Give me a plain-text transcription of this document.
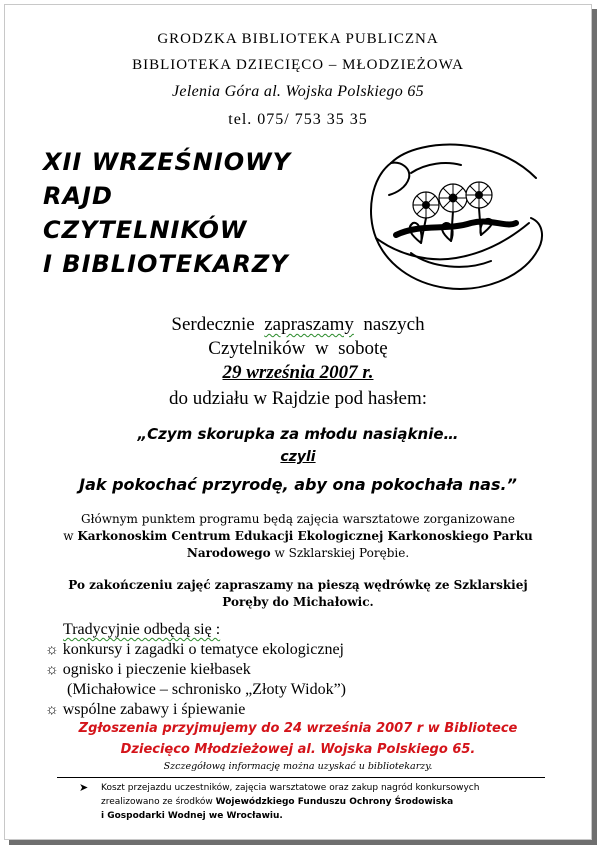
GRODZKA BIBLIOTEKA PUBLICZNA
BIBLIOTEKA DZIECIĘCO – MŁODZIEŻOWA
Jelenia Góra al. Wojska Polskiego 65
tel. 075/ 753 35 35
XII WRZEŚNIOWY
RAJD
CZYTELNIKÓW
I BIBLIOTEKARZY
Serdecznie zapraszamy naszych
Czytelników w sobotę
29 września 2007 r.
do udziału w Rajdzie pod hasłem:
„Czym skorupka za młodu nasiąknie…
czyli
Jak pokochać przyrodę, aby ona pokochała nas.”
Głównym punktem programu będą zajęcia warsztatowe zorganizowane
w Karkonoskim Centrum Edukacji Ekologicznej Karkonoskiego Parku
Narodowego w Szklarskiej Porębie.
Po zakończeniu zajęć zapraszamy na pieszą wędrówkę ze Szklarskiej
Poręby do Michałowic.
Tradycyjnie odbędą się :
☼ konkursy i zagadki o tematyce ekologicznej
☼ ognisko i pieczenie kiełbasek
(Michałowice – schronisko „Złoty Widok”)
☼ wspólne zabawy i śpiewanie
Zgłoszenia przyjmujemy do 24 września 2007 r w Bibliotece
Dziecięco Młodzieżowej al. Wojska Polskiego 65.
Szczegółową informację można uzyskać u bibliotekarzy.
➤ Koszt przejazdu uczestników, zajęcia warsztatowe oraz zakup nagród konkursowych
zrealizowano ze środków Wojewódzkiego Funduszu Ochrony Środowiska
i Gospodarki Wodnej we Wrocławiu.
